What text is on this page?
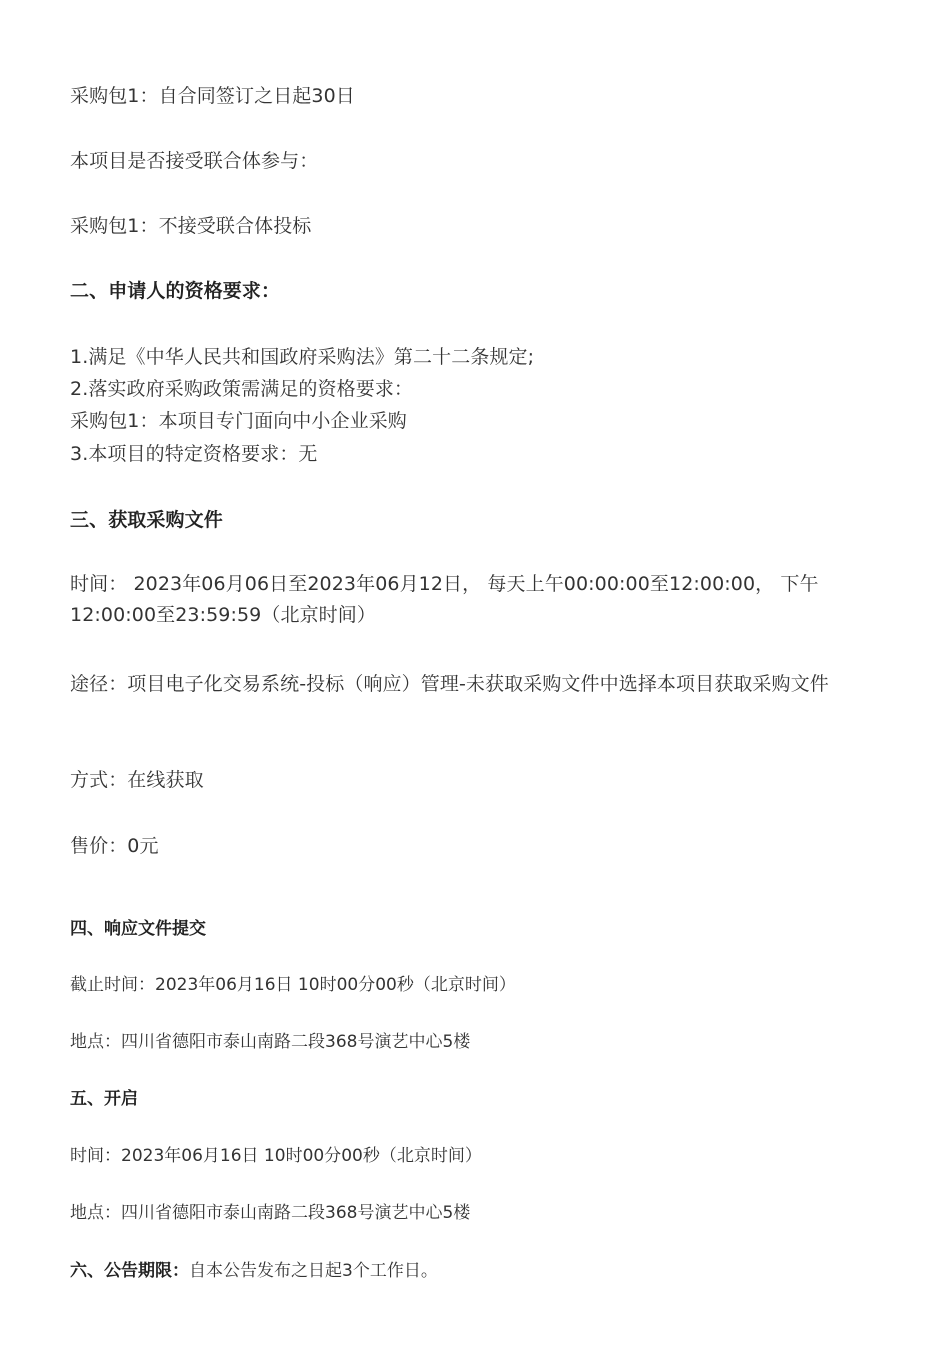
采购包1：自合同签订之日起30日
本项目是否接受联合体参与：
采购包1：不接受联合体投标
二、申请人的资格要求：
1.满足《中华人民共和国政府采购法》第二十二条规定;
2.落实政府采购政策需满足的资格要求：
采购包1：本项目专门面向中小企业采购
3.本项目的特定资格要求：无
三、获取采购文件
时间： 2023年06月06日至2023年06月12日， 每天上午00:00:00至12:00:00， 下午12:00:00至23:59:59（北京时间）
途径：项目电子化交易系统-投标（响应）管理-未获取采购文件中选择本项目获取采购文件
方式：在线获取
售价：0元
四、响应文件提交
截止时间：2023年06月16日 10时00分00秒（北京时间）
地点：四川省德阳市泰山南路二段368号演艺中心5楼
五、开启
时间：2023年06月16日 10时00分00秒（北京时间）
地点：四川省德阳市泰山南路二段368号演艺中心5楼
六、公告期限：自本公告发布之日起3个工作日。
